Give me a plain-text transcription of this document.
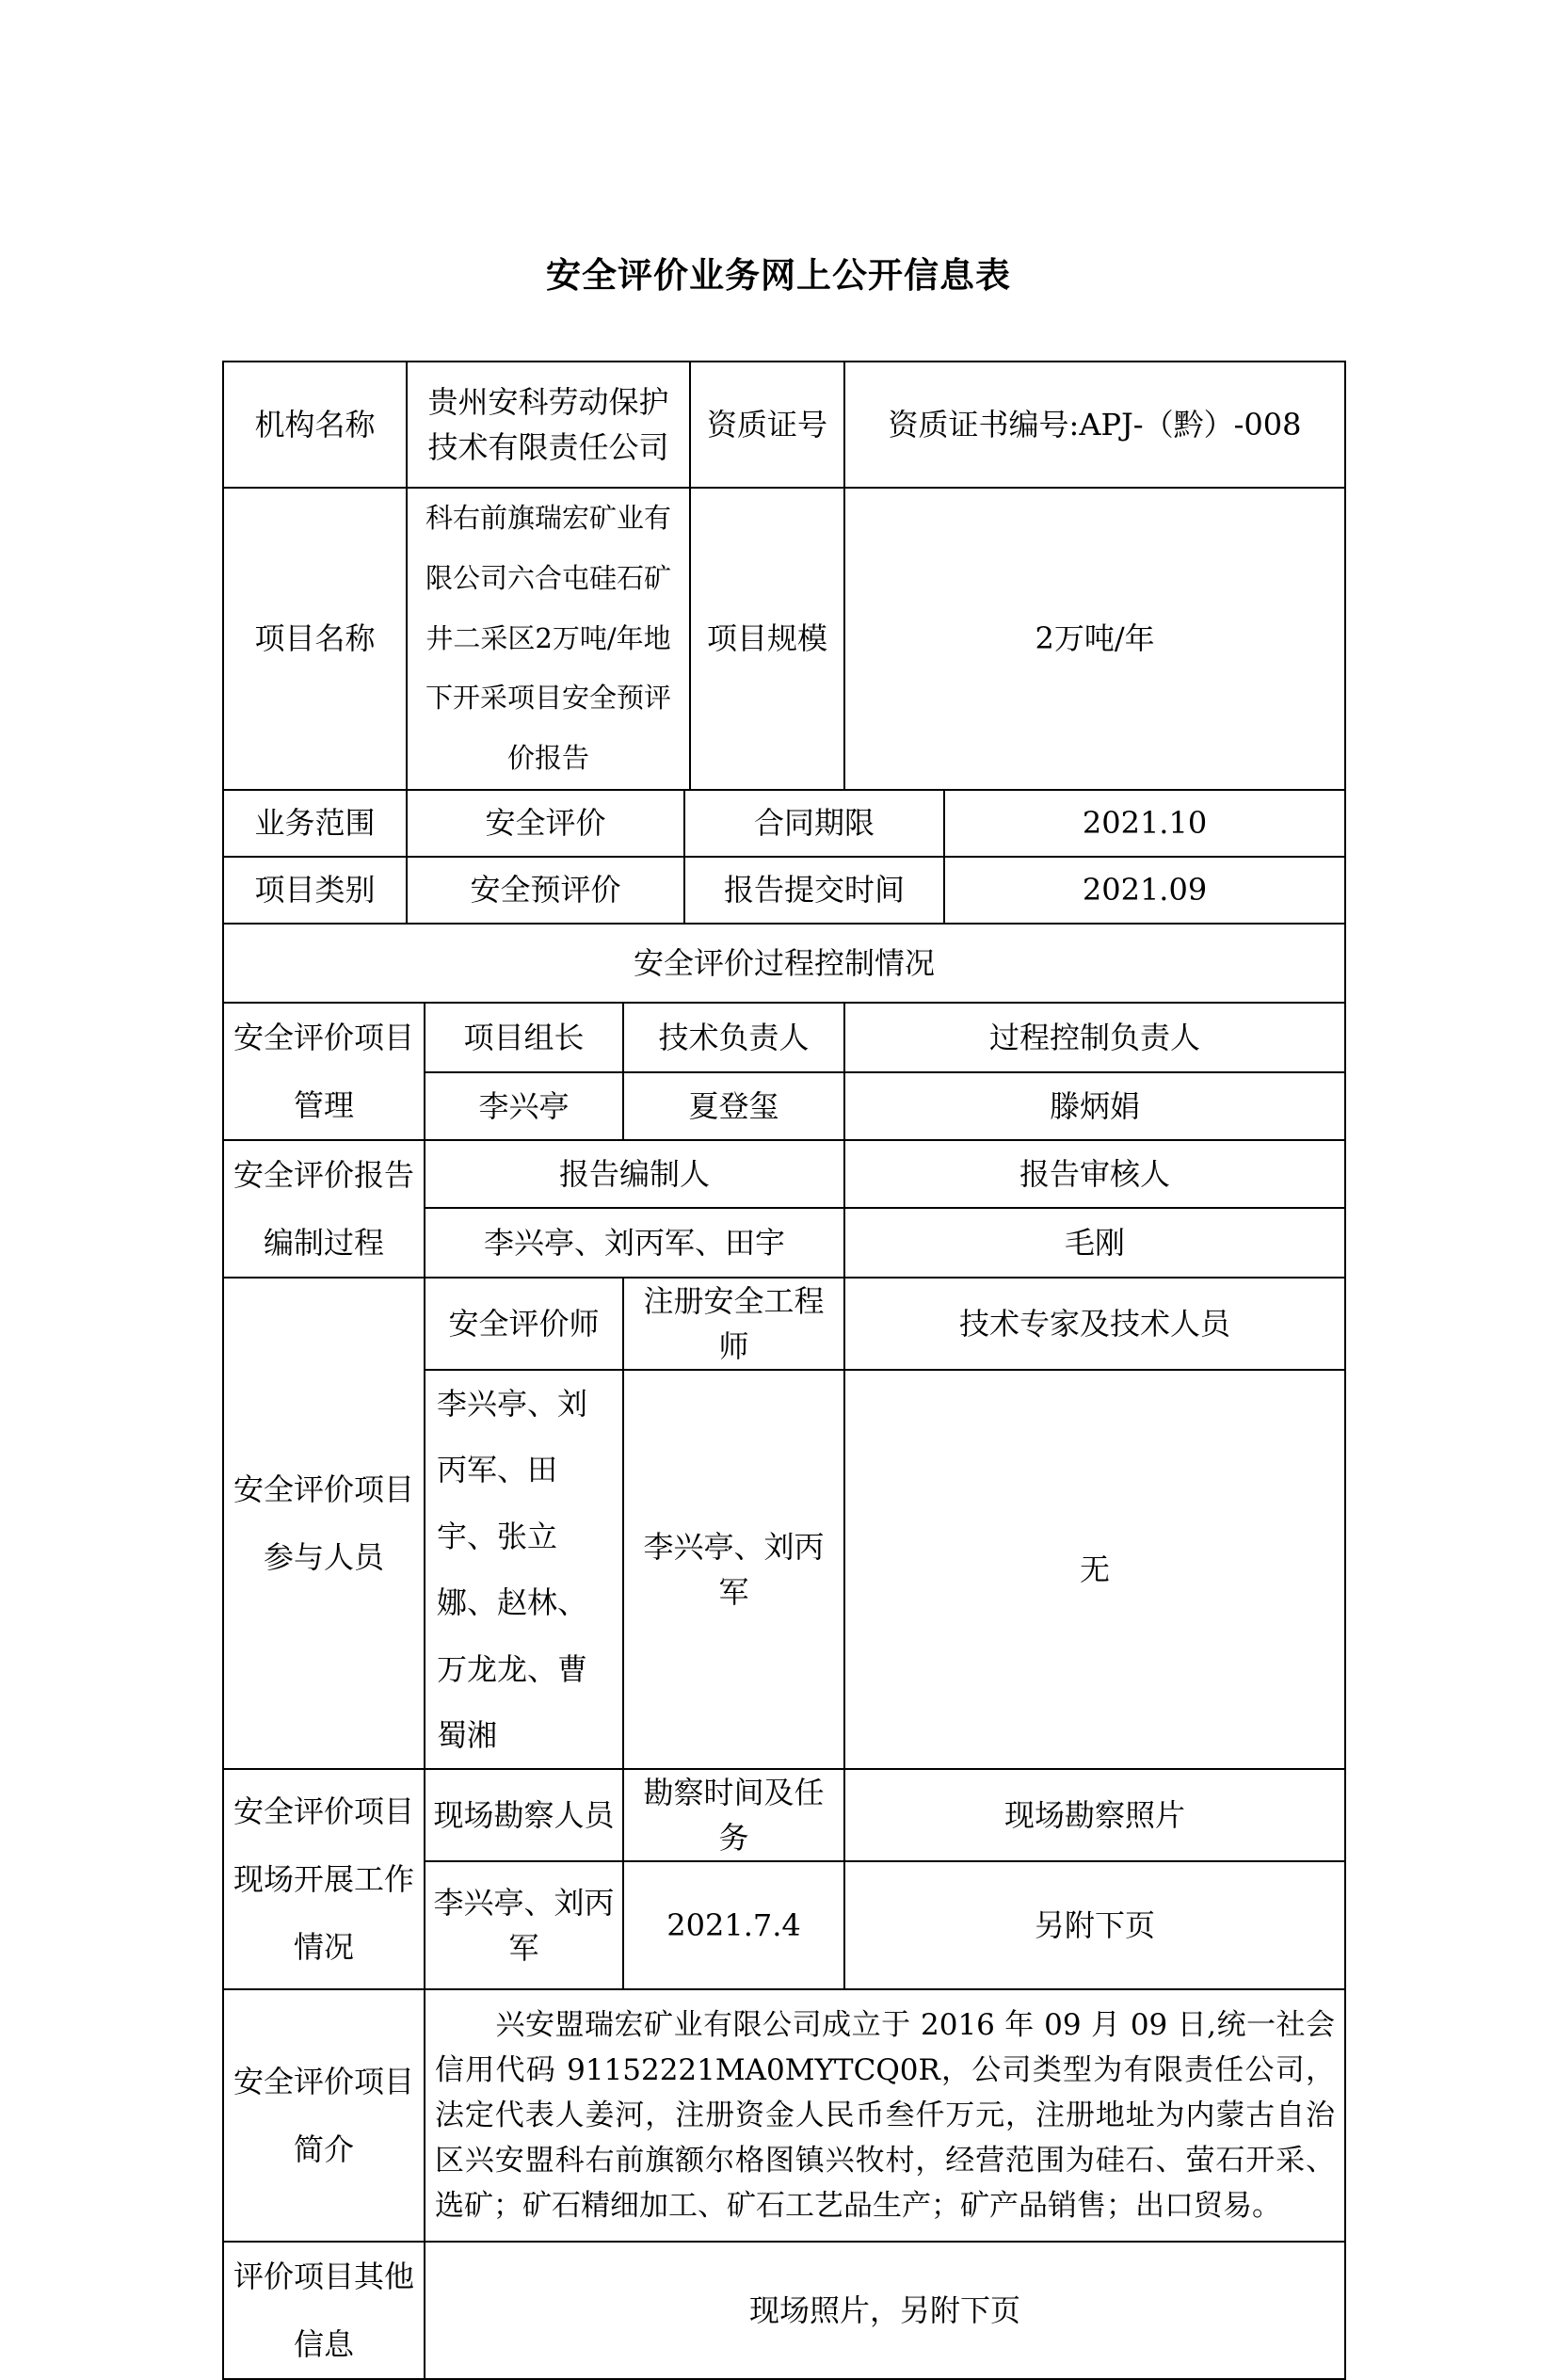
安全评价业务网上公开信息表
机构名称	贵州安科劳动保护技术有限责任公司				资质证号	资质证书编号:APJ-（黔）-008	
项目名称	科右前旗瑞宏矿业有限公司六合屯硅石矿井二采区2万吨/年地下开采项目安全预评价报告				项目规模	2万吨/年	
业务范围	安全评价			合同期限			2021.10
项目类别	安全预评价			报告提交时间			2021.09
安全评价过程控制情况							
安全评价项目管理		项目组长	技术负责人			过程控制负责人	
		李兴亭	夏登玺			滕炳娟	
安全评价报告编制过程		报告编制人				报告审核人	
		李兴亭、刘丙军、田宇				毛刚	
安全评价项目参与人员		安全评价师	注册安全工程师			技术专家及技术人员	
		李兴亭、刘丙军、田宇、张立娜、赵林、万龙龙、曹蜀湘	李兴亭、刘丙军			无	
安全评价项目现场开展工作情况		现场勘察人员	勘察时间及任务			现场勘察照片	
		李兴亭、刘丙军	2021.7.4			另附下页	
安全评价项目简介		兴安盟瑞宏矿业有限公司成立于 2016 年 09 月 09 日,统一社会信用代码 91152221MA0MYTCQ0R，公司类型为有限责任公司，法定代表人姜河，注册资金人民币叁仟万元，注册地址为内蒙古自治区兴安盟科右前旗额尔格图镇兴牧村，经营范围为硅石、萤石开采、选矿；矿石精细加工、矿石工艺品生产；矿产品销售；出口贸易。					
评价项目其他信息		现场照片，另附下页					
